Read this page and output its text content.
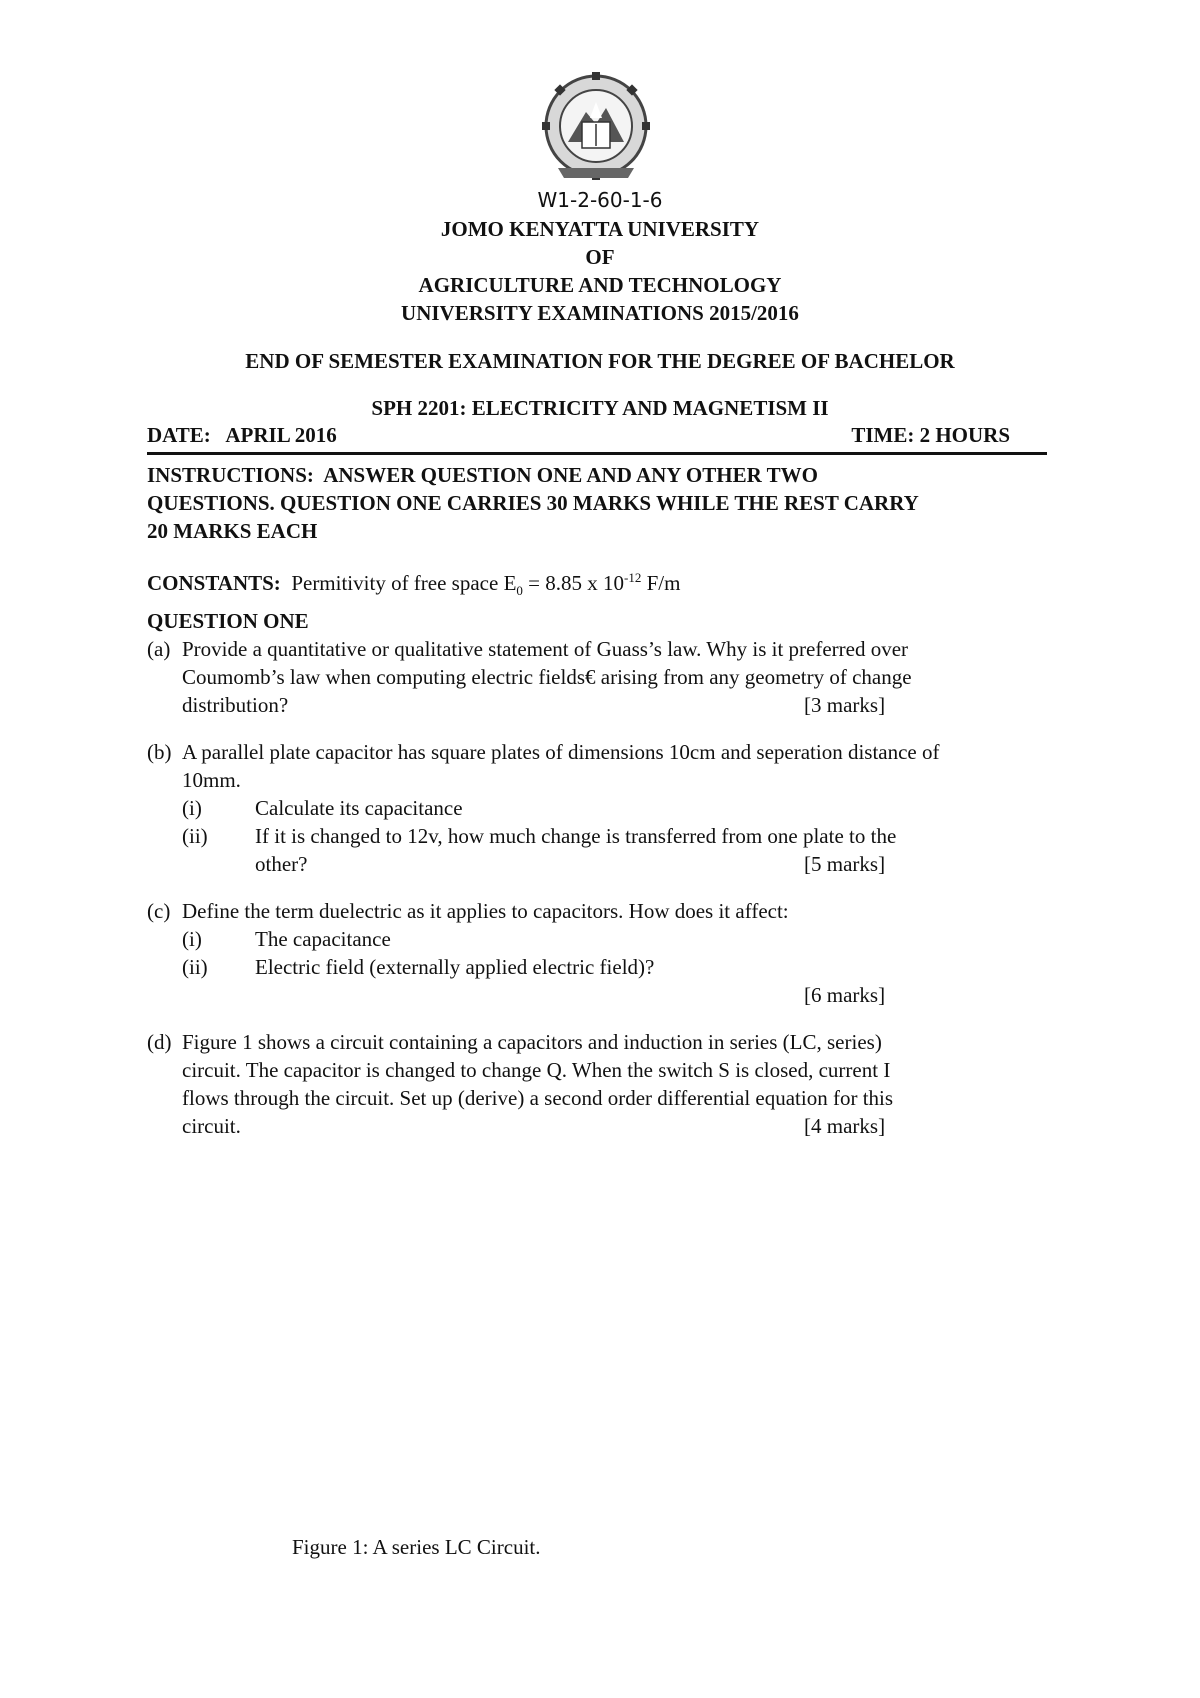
W1-2-60-1-6
JOMO KENYATTA UNIVERSITY
OF
AGRICULTURE AND TECHNOLOGY
UNIVERSITY EXAMINATIONS 2015/2016
END OF SEMESTER EXAMINATION FOR THE DEGREE OF BACHELOR
SPH 2201: ELECTRICITY AND MAGNETISM II
DATE:   APRIL 2016	TIME: 2 HOURS
INSTRUCTIONS:  ANSWER QUESTION ONE AND ANY OTHER TWO
QUESTIONS. QUESTION ONE CARRIES 30 MARKS WHILE THE REST CARRY
20 MARKS EACH
CONSTANTS: Permitivity of free space $E_0 = 8.85$ x $10^{-12}$ F/m
QUESTION ONE
(a) Provide a quantitative or qualitative statement of Guass’s law. Why is it preferred over
Coumomb’s law when computing electric fields€ arising from any geometry of change
distribution?	[3 marks]
(b) A parallel plate capacitor has square plates of dimensions 10cm and seperation distance of
10mm.
(i)	Calculate its capacitance
(ii) If it is changed to 12v, how much change is transferred from one plate to the
other?	[5 marks]
(c) Define the term duelectric as it applies to capacitors. How does it affect:
(i)	The capacitance
(ii) Electric field (externally applied electric field)?
[6 marks]
(d) Figure 1 shows a circuit containing a capacitors and induction in series (LC, series)
circuit. The capacitor is changed to change Q. When the switch S is closed, current I
flows through the circuit. Set up (derive) a second order differential equation for this
circuit.	[4 marks]
Figure 1: A series LC Circuit.
